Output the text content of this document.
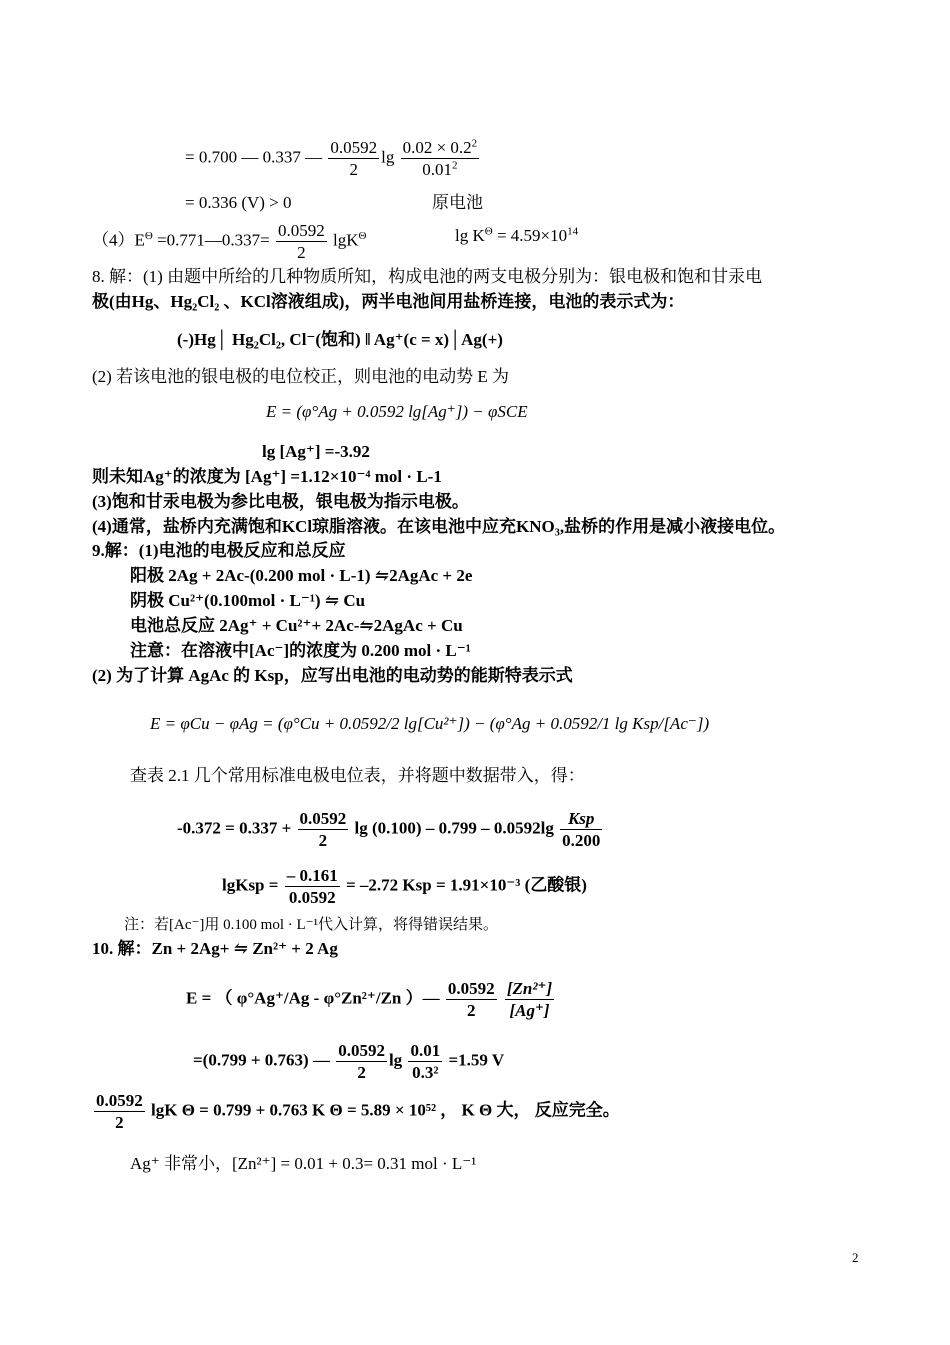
= 0.700 — 0.337 — $\frac{0.0592}{2}$ $\lg \frac{0.02 \times 0.2^2}{0.01^2}$
= 0.336 (V) > 0	原电池
$(4)E^\Theta$ =0.771—0.337= $\frac{0.0592}{2} \lg K^\Theta$	$\lg K^\Theta = 4.59\times 10^{14}$
8. 解：(1) 由题中所给的几种物质所知，构成电池的两支电极分别为：银电极和饱和甘汞电
极(由Hg、Hg₂Cl₂ 、KCl溶液组成)，两半电池间用盐桥连接，电池的表示式为：
(-)Hg│ Hg₂Cl₂, Cl⁻(饱和) ‖ Ag⁺(c = x)│Ag(+)
(2) 若该电池的银电极的电位校正，则电池的电动势 E 为
E = (φ°Ag + 0.0592 lg[Ag⁺]) − φSCE
lg [Ag⁺] =-3.92
则未知Ag⁺的浓度为 [Ag⁺] =1.12×10⁻⁴ mol · L-1
(3)饱和甘汞电极为参比电极，银电极为指示电极。
(4)通常，盐桥内充满饱和KCl琼脂溶液。在该电池中应充KNO₃,盐桥的作用是减小液接电位。
9.解：(1)电池的电极反应和总反应
阳极 2Ag + 2Ac-(0.200 mol · L-1) ⇋2AgAc + 2e
阴极 Cu²⁺(0.100mol · L⁻¹) ⇋ Cu
电池总反应 2Ag⁺ + Cu²⁺+ 2Ac-⇋2AgAc + Cu
注意：在溶液中[Ac⁻]的浓度为 0.200 mol · L⁻¹
(2) 为了计算 AgAc 的 Ksp，应写出电池的电动势的能斯特表示式
E = φCu − φAg = (φ°Cu + 0.0592/2 lg[Cu²⁺]) − (φ°Ag + 0.0592/1 lg Ksp/[Ac⁻])
查表 2.1 几个常用标准电极电位表，并将题中数据带入，得：
$-0.372 = 0.337 + \frac{0.0592}{2}$ $\lg (0.100) - 0.799 - 0.0592\lg \frac{\text{Ksp}}{0.200}$
lgKsp = $\frac{- 0.161}{0.0592} = -2.72$ Ksp = 1.91×10⁻³ (乙酸银)
注：若[Ac⁻]用 0.100 mol · L⁻¹代入计算，将得错误结果。
10. 解：Zn + 2Ag+ ⇋ Zn²⁺ + 2 Ag
E = （ φ°Ag⁺/Ag - φ°Zn²⁺/Zn ）— $\frac{0.0592}{2}$
$\frac{\text{[Zn²⁺]}}{[Ag^+]}$
=(0.799 + 0.763) — $\frac{0.0592}{2}$ $\lg \frac{0.01}{\text{0.3²}} =1.59$ V
$\frac{0.0592}{2}$ lgK Θ = 0.799 + 0.763 K Θ = 5.89 × 10⁵² ， K Θ 大， 反应完全。
Ag⁺ 非常小，[Zn²⁺] = 0.01 + 0.3= 0.31 mol · L⁻¹
2
